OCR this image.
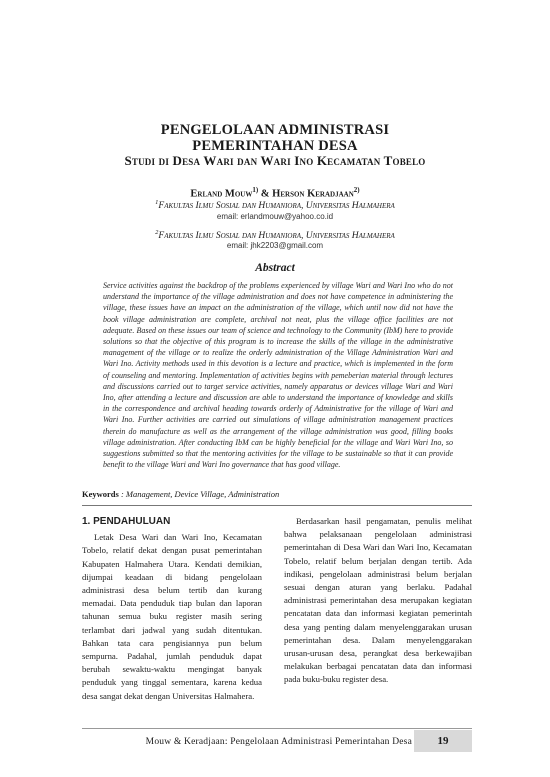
PENGELOLAAN ADMINISTRASI
PEMERINTAHAN DESA
Studi di Desa Wari dan Wari Ino Kecamatan Tobelo
Erland Mouw$^{1)}$ & Herson Keradjaan$^{2)}$
$^1$Fakultas Ilmu Sosial dan Humaniora, Universitas Halmahera
email: erlandmouw@yahoo.co.id
$^2$Fakultas Ilmu Sosial dan Humaniora, Universitas Halmahera
email: jhk2203@gmail.com
Abstract

Service activities against the backdrop of the problems experienced by village Wari and Wari Ino who do not understand the importance of the village administration and does not have competence in administering the village, these issues have an impact on the administration of the village, which until now did not have the book village administration are complete, archival not neat, plus the village office facilities are not adequate. Based on these issues our team of science and technology to the Community (IbM) here to provide solutions so that the objective of this program is to increase the skills of the village in the administrative management of the village or to realize the orderly administration of the Village Administration Wari and Wari Ino. Activity methods used in this devotion is a lecture and practice, which is implemented in the form of counseling and mentoring. Implementation of activities begins with pemeberian material through lectures and discussions carried out to target service activities, namely apparatus or devices village Wari and Wari Ino, after attending a lecture and discussion are able to understand the importance of knowledge and skills in the correspondence and archival heading towards orderly of Administrative for the village of Wari and Wari Ino. Further activities are carried out simulations of village administration management practices therein do manufacture as well as the arrangement of the village administration was good, filling books village administration. After conducting IbM can be highly beneficial for the village and Wari Wari Ino, so suggestions submitted so that the mentoring activities for the village to be sustainable so that it can provide benefit to the village Wari and Wari Ino governance that has good village.

Keywords : Management, Device Village, Administration
1. PENDAHULUAN

Letak Desa Wari dan Wari Ino, Kecamatan Tobelo, relatif dekat dengan pusat pemerintahan Kabupaten Halmahera Utara. Kendati demikian, dijumpai keadaan di bidang pengelolaan administrasi desa belum tertib dan kurang memadai. Data penduduk tiap bulan dan laporan tahunan semua buku register masih sering terlambat dari jadwal yang sudah ditentukan. Bahkan tata cara pengisiannya pun belum sempurna. Padahal, jumlah penduduk dapat berubah sewaktu-waktu mengingat banyak penduduk yang tinggal sementara, karena kedua desa sangat dekat dengan Universitas Halmahera.

Berdasarkan hasil pengamatan, penulis melihat bahwa pelaksanaan pengelolaan administrasi pemerintahan di Desa Wari dan Wari Ino, Kecamatan Tobelo, relatif belum berjalan dengan tertib. Ada indikasi, pengelolaan administrasi belum berjalan sesuai dengan aturan yang berlaku. Padahal administrasi pemerintahan desa merupakan kegiatan pencatatan data dan informasi kegiatan pemerintah desa yang penting dalam menyelenggarakan urusan pemerintahan desa. Dalam menyelenggarakan urusan-urusan desa, perangkat desa berkewajiban melakukan berbagai pencatatan data dan informasi pada buku-buku register desa.

Mouw & Keradjaan: Pengelolaan Administrasi Pemerintahan Desa	19
